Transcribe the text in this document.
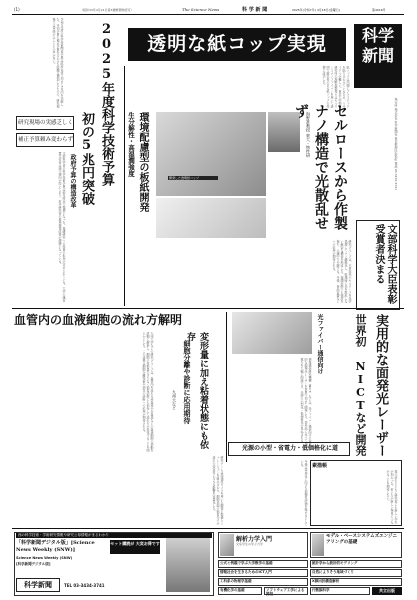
(1)	（昭和33年4月21日第3種郵便物認可）	The Science News	科 学 新 聞	2025年(令和7年) 4月18日(金曜日)	第4016号
透明な紙コップ実現	科学新聞
発行所 株式会社 科学新聞社 東京都港区浜松町 電話 03-3434-3741
令和7年度の科学技術関係予算は政府全体で初めて5兆円を突破した。当初予算と補正予算を合わせた総額は増加したものの、研究現場では実感が乏しいとの声が多い。	2025年度科学技術予算
初の5兆円突破
政府予算の構造改革
研究現場の実感乏しく
補正予算頼み変わらず
文部科学省の科学技術予算は前年度比で微増となった。基礎研究への投資の拡充が求められている。大学の運営費交付金は減少傾向が続いており、若手研究者の雇用環境改善が課題となっている。
紙コップは内側にプラスチックを貼り合わせているため、リサイクルが難しい。東京大学物性研究所の海野准教授らはセルロースナノファイバーを用いて透明で耐水性のある紙コップの作製に成功した。
生分解性・高湿潤強度 環境配慮型の板紙開発	開発した透明紙コップ
海野准教授 東大・物性研 セルロースから作製
ナノ構造で光散乱せず
研究グループは、木材由来のセルロースを化学処理してナノ繊維化し、乾燥時に光を散乱しない緻密な構造を形成した。湿潤状態でも強度を保ち、土壌中で分解する。今後、食品容器などへの応用が期待される。	文部科学大臣表彰受賞者決まる
血管内の血液細胞の流れ方解明
九州大学などの研究グループは、血管内を流れる赤血球や白血球などの血液細胞の挙動を詳細に解析し、細胞の変形量だけでなく粘着状態にも依存して流れ方が変化することを明らかにした。この成果は細胞分離技術や病気の診断への応用が期待される。	変形量に加え粘着状態にも依存
細胞分離や診断に応用期待
九州大など
光ファイバー通信向け	世界初 NICTなど開発 実用的な面発光レーザー
情報通信研究機構（NICT）などは、光ファイバー通信向けの実用的な面発光レーザーを世界で初めて開発した。従来品に比べて消費電力を大幅に削減でき、光源の小型化・低価格化が見込まれる。
光源の小型・省電力・低価格化に道
素描帳
春の訪れとともに研究室にも新しい学生が加わった。若い力が新しい発見につながることを期待したい。
研究チームは高速度カメラを用いた観察と数値シミュレーションを組み合わせ、細胞表面の粘着分子が流れの安定性に与える影響を定量化した。	今後は実用化に向けた信頼性評価を進めるとしている。
西の科学技術・学術研究情報や研究公募情報がまるわかり
「科学新聞デジタル版」[Science News Weekly (SNW)]
セット購読が 大変お得です
Science News Weekly (SNW)
[科学新聞デジタル版]
科学新聞	TEL 03-3434-3741
解析力学入門
文系学生の学ぶ力学
モデル・ベースシステムズエンジニアリングの基礎
公式と例題で学ぶ大学数学の基礎	統計学から統計的モデリング
情報社会を生きるためのICT入門	自然によりそう地域づくり
工科系の物理学基礎	X線回折構造解析
有機化学の基礎	ソフトウェア工学による開発
行動脳科学	共立出版
